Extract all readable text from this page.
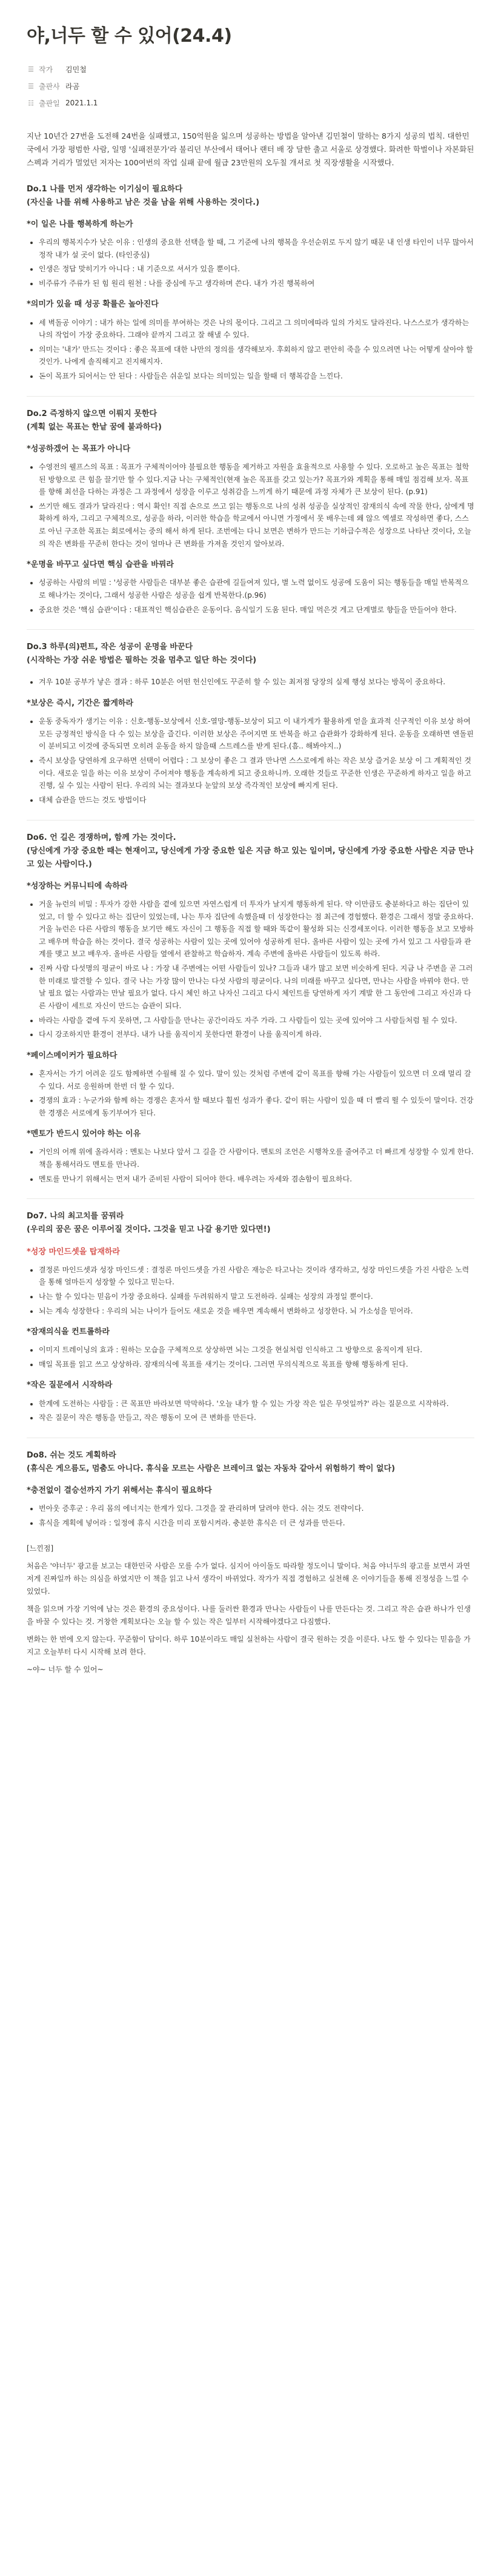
야,너두 할 수 있어(24.4)
☰ 작가	김민철
☰ 출판사 라곰
☷ 출판일 2021.1.1

지난 10년간 27번을 도전해 24번을 실패했고, 150억원을 잃으며 성공하는 방법을 알아낸 김민철이 말하는 8가지 성공의 법칙. 대한민국에서 가장 평범한 사람, 일명 '실패전문가'라 불리던 부산에서 태어나 랜터 배 장 달한 출고 서울로 상경했다. 화려한 학벌이나 자본화된 스펙과 거리가 멀었던 저자는 100여번의 작업 실패 끝에 월급 23만원의 오두칠 개셔로 첫 직장생활을 시작했다.

Do.1 나를 먼저 생각하는 이기심이 필요하다
(자신을 나를 위해 사용하고 남은 것을 남을 위해 사용하는 것이다.)
*이 일은 나를 행복하게 하는가
• 우리의 행복지수가 낮은 이유 : 인생의 중요한 선택을 할 때, 그 기준에 나의 행복을 우선순위로 두지 않기 때문 내 인생 타인이 너무 많아서 정작 내가 설 곳이 없다. (타인중심)
• 인생은 정답 맞히기가 아니다 : 내 기준으로 셔서가 있을 뿐이다.
• 비주류가 주류가 된 힘 원리 원천 : 나를 중심에 두고 생각하며 쓴다. 내가 가진 행복하여
*의미가 있을 때 성공 확률은 높아진다
• 세 벽돌공 이야기 : 내가 하는 일에 의미를 부여하는 것은 나의 몫이다. 그리고 그 의미에따라 일의 가치도 달라진다. 나스스로가 생각하는 나의 작업이 가장 중요하다. 그래야 끝까지 그리고 잘 해낼 수 있다.
• 의미는 '내가' 만드는 것이다 : 좋은 목표에 대한 나만의 정의를 생각해보자. 후회하지 않고 편안히 죽을 수 있으려면 나는 어떻게 살아야 할 것인가. 나에게 솔직해지고 진지해지자.
• 돈이 목표가 되어서는 안 된다 : 사람들은 쉬운일 보다는 의미있는 일을 할때 더 행복감을 느낀다.
Do.2 즉정하지 않으면 이뤄지 못한다
(계획 없는 목표는 한낱 꿈에 불과하다)
*성공하겠어 는 목표가 아니다
• 수영전의 웰프스의 목표 : 목표가 구체적이어야 불필요한 행동을 제거하고 자원을 효율적으로 사용할 수 있다. 오로하고 높은 목표는 철학된 방향으로 큰 힘을 끌기만 할 수 있다.지금 나는 구체적인(현재 높은 목표를 갖고 있는가? 목표가와 계획을 통해 매일 점검해 보자. 목표를 향해 최선을 다하는 과정은 그 과정에서 성장을 이루고 성취감을 느끼게 하기 때문에 과정 자체가 큰 보상이 된다. (p.91)
• 쓰기만 해도 결과가 달라진다 : 역시 확인! 직접 손으로 쓰고 읽는 행동으로 나의 성취 성공을 실상적인 잠재의식 속에 작물 한다, 삼에게 명확하게 하자, 그리고 구체적으로, 성공을 하라, 이러한 학습을 학교에서 아니면 가정에서 못 배우는데 왜 않으 엑셀로 작성하면 좋다, 스스로 아닌 구조한 목표는 회로에서는 중의 해서 하게 된다. 조번에는 다니 보면은 변하가 만드는 기하급수적은 성장으로 나타난 것이다, 오늘의 작은 변화를 꾸준히 한다는 것이 얼마나 큰 변화를 가져올 것인지 알아보라.
*운명을 바꾸고 싶다면 핵심 습관을 바꿔라
• 성공하는 사람의 비밀 : '성공한 사람들은 대부분 좋은 습관에 길들여져 있다, 별 노력 없이도 성공에 도움이 되는 행동들을 매일 반복적으로 해나가는 것이다, 그래서 성공한 사람은 성공을 쉽게 반복한다.(p.96)
• 중요한 것은 '핵심 습관'이다 : 대표적인 핵심습관은 운동이다. 음식일기 도움 된다. 매일 먹은것 게고 단계별로 향들을 만들어야 한다.
Do.3 하루(의)편트, 작은 성공이 운명을 바꾼다
(시작하는 가장 쉬운 방법은 필하는 것을 멈추고 일단 하는 것이다)
• 겨우 10분 공부가 낳은 결과 : 하루 10분은 어떤 헌신인에도 꾸준히 할 수 있는 최저점 당장의 실제 행성 보다는 방목이 중요하다.
*보상은 즉시, 기간은 짧게하라
• 운동 중독자가 생기는 이유 : 신호-행동-보상에서 신호-열망-행동-보상이 되고 이 내가게가 활용하게 얻을 효과적 신구적인 이유 보상 하여 모든 긍정적인 방식을 다 수 있는 보상을 즐긴다. 이러한 보상은 주어지면 또 반복을 하고 습관화가 강화하게 된다. 운동을 오래하면 엔돌핀이 분비되고 이것에 중독되면 오히려 운동을 하지 않을때 스트레스를 받게 된다.(흠.. 해봐야지..)
• 즉시 보상을 당연하게 요구하면 선택이 어렵다 : 그 보상이 좋은 그 결과 만나면 스스로에게 하는 작은 보상 즐거운 보상 이 그 계획적인 것이다. 새로운 일을 하는 이유 보상이 주어져야 행동을 계속하게 되고 중요하니까. 오래한 것들로 꾸준한 인생은 꾸준하게 하자고 일을 하고 진행, 실 수 있는 사람이 된다. 우리의 뇌는 결과보다 눈앞의 보상 즉각적인 보상에 빠지게 된다.
• 대체 습관을 만드는 것도 방법이다
Do6. 언 길은 경쟁하며, 함께 가는 것이다.
(당신에게 가장 중요한 때는 현재이고, 당신에게 가장 중요한 일은 지금 하고 있는 일이며, 당신에게 가장 중요한 사람은 지금 만나고 있는 사람이다.)
*성장하는 커뮤니티에 속하라
• 거울 뉴런의 비밀 : 투자가 강한 사람을 곁에 있으면 자연스럽게 더 투자가 날지게 행동하게 된다. 약 이만큼도 충분하다고 하는 집단이 있었고, 더 할 수 있다고 하는 집단이 있었는데, 나는 투자 집단에 속했을때 더 성장한다는 점 최근에 경험했다. 환경은 그래서 정말 중요하다. 거울 뉴런은 다른 사람의 행동을 보기만 해도 자신이 그 행동을 직접 할 때와 똑같이 활성화 되는 신경세포이다. 이러한 행동을 보고 모방하고 배우며 학습을 하는 것이다. 결국 성공하는 사람이 있는 곳에 있어야 성공하게 된다. 올바른 사람이 있는 곳에 가서 있고 그 사람들과 관계를 맺고 보고 배우자. 올바른 사람들 옆에서 관찰하고 학습하자. 계속 주변에 올바른 사람들이 있도록 하라.
• 진짜 사람 다섯명의 평균이 바로 나 : 가장 내 주변에는 어떤 사람들이 있나? 그들과 내가 많고 보면 비슷하게 된다. 지금 나 주변을 곧 그러한 미래로 발견할 수 있다. 결국 나는 가장 많이 만나는 다섯 사람의 평균이다. 나의 미래를 바꾸고 싶다면, 만나는 사람을 바꿔야 한다. 만날 필요 없는 사람과는 만날 필요가 없다. 다시 체인 하고 나자신 그리고 다시 체인트를 당연하게 자기 계발 한 그 동안에 그리고 자신과 다른 사람이 세트로 자신이 만드는 습관이 되다.
• 바라는 사람을 곁에 두지 못하면, 그 사람들을 만나는 공간이라도 자주 가라. 그 사람들이 있는 곳에 있어야 그 사람들처럼 될 수 있다.
• 다시 강조하지만 환경이 전부다. 내가 나를 움직이지 못한다면 환경이 나를 움직이게 하라.
*페이스메이커가 필요하다
• 혼자서는 가기 어려운 길도 함께하면 수월해 질 수 있다. 말이 있는 것처럼 주변에 같이 목표를 향해 가는 사람들이 있으면 더 오래 멀리 갈 수 있다. 서로 응원하며 한번 더 할 수 있다.
• 경쟁의 효과 : 누군가와 함께 하는 경쟁은 혼자서 할 때보다 훨씬 성과가 좋다. 같이 뛰는 사람이 있을 때 더 빨리 뛸 수 있듯이 말이다. 건강한 경쟁은 서로에게 동기부여가 된다.
*멘토가 반드시 있어야 하는 이유
• 거인의 어깨 위에 올라서라 : 멘토는 나보다 앞서 그 길을 간 사람이다. 멘토의 조언은 시행착오를 줄여주고 더 빠르게 성장할 수 있게 한다. 책을 통해서라도 멘토를 만나라.
• 멘토를 만나기 위해서는 먼저 내가 준비된 사람이 되어야 한다. 배우려는 자세와 겸손함이 필요하다.
Do7. 나의 최고치를 꿈꿔라
(우리의 꿈은 꿈은 이루어질 것이다. 그것을 믿고 나갈 용기만 있다면!)
*성장 마인드셋을 탑재하라
• 결정론 마인드셋과 성장 마인드셋 : 결정론 마인드셋을 가진 사람은 재능은 타고나는 것이라 생각하고, 성장 마인드셋을 가진 사람은 노력을 통해 얼마든지 성장할 수 있다고 믿는다.
• 나는 할 수 있다는 믿음이 가장 중요하다. 실패를 두려워하지 말고 도전하라. 실패는 성장의 과정일 뿐이다.
• 뇌는 계속 성장한다 : 우리의 뇌는 나이가 들어도 새로운 것을 배우면 계속해서 변화하고 성장한다. 뇌 가소성을 믿어라.
*잠재의식을 컨트롤하라
• 이미지 트레이닝의 효과 : 원하는 모습을 구체적으로 상상하면 뇌는 그것을 현실처럼 인식하고 그 방향으로 움직이게 된다.
• 매일 목표를 읽고 쓰고 상상하라. 잠재의식에 목표를 새기는 것이다. 그러면 무의식적으로 목표를 향해 행동하게 된다.
*작은 질문에서 시작하라
• 한계에 도전하는 사람들 : 큰 목표만 바라보면 막막하다. '오늘 내가 할 수 있는 가장 작은 일은 무엇일까?' 라는 질문으로 시작하라.
• 작은 질문이 작은 행동을 만들고, 작은 행동이 모여 큰 변화를 만든다.
Do8. 쉬는 것도 계획하라
(휴식은 게으름도, 멈춤도 아니다. 휴식을 모르는 사람은 브레이크 없는 자동차 같아서 위험하기 짝이 없다)
*충전없이 결승선까지 가기 위해서는 휴식이 필요하다
• 번아웃 증후군 : 우리 몸의 에너지는 한계가 있다. 그것을 잘 관리하며 달려야 한다. 쉬는 것도 전략이다.
• 휴식을 계획에 넣어라 : 일정에 휴식 시간을 미리 포함시켜라. 충분한 휴식은 더 큰 성과를 만든다.

[느낀점]

처음은 '야너두' 광고를 보고는 대한민국 사람은 모를 수가 없다. 심지어 아이돌도 따라할 정도이니 말이다. 처음 야너두의 광고를 보면서 과연 저게 진짜일까 하는 의심을 하였지만 이 책을 읽고 나서 생각이 바뀌었다. 작가가 직접 경험하고 실천해 온 이야기들을 통해 진정성을 느낄 수 있었다.

책을 읽으며 가장 기억에 남는 것은 환경의 중요성이다. 나를 둘러싼 환경과 만나는 사람들이 나를 만든다는 것. 그리고 작은 습관 하나가 인생을 바꿀 수 있다는 것. 거창한 계획보다는 오늘 할 수 있는 작은 일부터 시작해야겠다고 다짐했다.

변화는 한 번에 오지 않는다. 꾸준함이 답이다. 하루 10분이라도 매일 실천하는 사람이 결국 원하는 것을 이룬다. 나도 할 수 있다는 믿음을 가지고 오늘부터 다시 시작해 보려 한다.

~야~ 너두 할 수 있어~
